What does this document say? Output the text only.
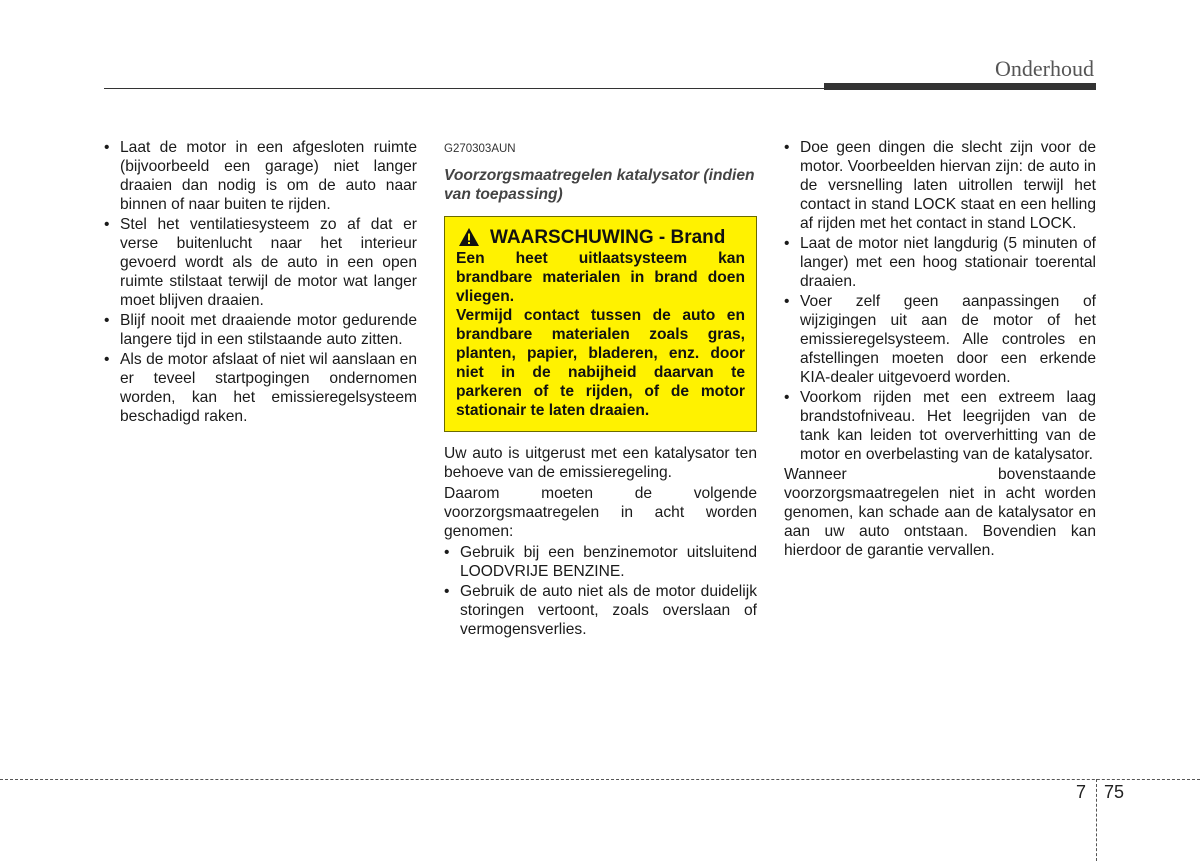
Onderhoud
• Laat de motor in een afgesloten ruimte (bijvoorbeeld een garage) niet langer draaien dan nodig is om de auto naar binnen of naar buiten te rijden.
• Stel het ventilatiesysteem zo af dat er verse buitenlucht naar het interieur gevoerd wordt als de auto in een open ruimte stilstaat terwijl de motor wat langer moet blijven draaien.
• Blijf nooit met draaiende motor gedurende langere tijd in een stilstaande auto zitten.
• Als de motor afslaat of niet wil aanslaan en er teveel startpogingen ondernomen worden, kan het emissieregelsysteem beschadigd raken.
G270303AUN
Voorzorgsmaatregelen katalysator (indien van toepassing)
WAARSCHUWING - Brand

Een heet uitlaatsysteem kan brandbare materialen in brand doen vliegen.

Vermijd contact tussen de auto en brandbare materialen zoals gras, planten, papier, bladeren, enz. door niet in de nabijheid daarvan te parkeren of te rijden, of de motor stationair te laten draaien.

Uw auto is uitgerust met een katalysator ten behoeve van de emissieregeling.

Daarom moeten de volgende voorzorgsmaatregelen in acht worden genomen:

• Gebruik bij een benzinemotor uitsluitend LOODVRIJE BENZINE.
• Gebruik de auto niet als de motor duidelijk storingen vertoont, zoals overslaan of vermogensverlies.
• Doe geen dingen die slecht zijn voor de motor. Voorbeelden hiervan zijn: de auto in de versnelling laten uitrollen terwijl het contact in stand LOCK staat en een helling af rijden met het contact in stand LOCK.
• Laat de motor niet langdurig (5 minuten of langer) met een hoog stationair toerental draaien.
• Voer zelf geen aanpassingen of wijzigingen uit aan de motor of het emissieregelsysteem. Alle controles en afstellingen moeten door een erkende KIA-dealer uitgevoerd worden.
• Voorkom rijden met een extreem laag brandstofniveau. Het leegrijden van de tank kan leiden tot oververhitting van de motor en overbelasting van de katalysator.

Wanneer bovenstaande voorzorgsmaatregelen niet in acht worden genomen, kan schade aan de katalysator en aan uw auto ontstaan. Bovendien kan hierdoor de garantie vervallen.

7 75
